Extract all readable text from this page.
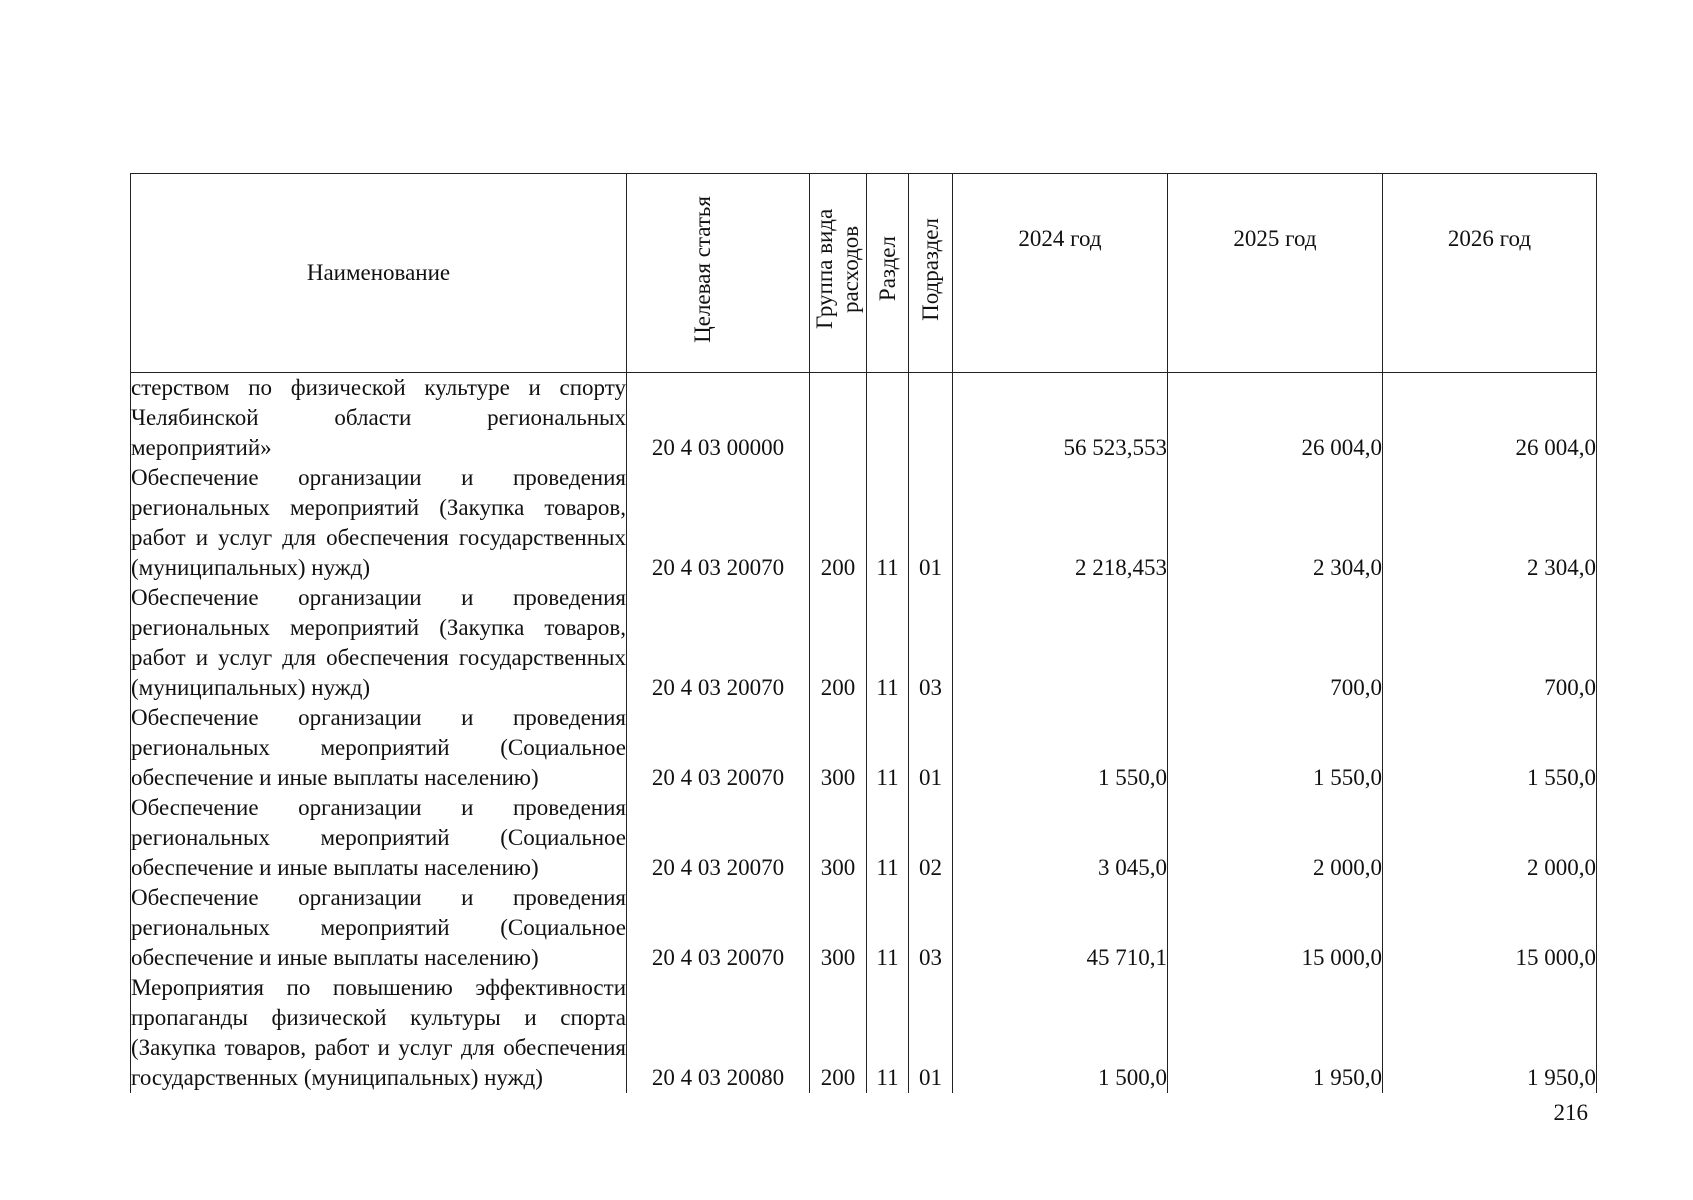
Наименование	Целевая статья	Группа вида расходов	Раздел	Подраздел	2024 год	2025 год	2026 год
стерством по физической культуре и спорту Челябинской области региональных мероприятий»	20 4 03 00000				56 523,553	26 004,0	26 004,0
Обеспечение организации и проведения региональных мероприятий (Закупка товаров, работ и услуг для обеспечения государственных (муниципальных) нужд)	20 4 03 20070	200	11	01	2 218,453	2 304,0	2 304,0
Обеспечение организации и проведения региональных мероприятий (Закупка товаров, работ и услуг для обеспечения государственных (муниципальных) нужд)	20 4 03 20070	200	11	03		700,0	700,0
Обеспечение организации и проведения региональных мероприятий (Социальное обеспечение и иные выплаты населению)	20 4 03 20070	300	11	01	1 550,0	1 550,0	1 550,0
Обеспечение организации и проведения региональных мероприятий (Социальное обеспечение и иные выплаты населению)	20 4 03 20070	300	11	02	3 045,0	2 000,0	2 000,0
Обеспечение организации и проведения региональных мероприятий (Социальное обеспечение и иные выплаты населению)	20 4 03 20070	300	11	03	45 710,1	15 000,0	15 000,0
Мероприятия по повышению эффективности пропаганды физической культуры и спорта (Закупка товаров, работ и услуг для обеспечения государственных (муниципальных) нужд)	20 4 03 20080	200	11	01	1 500,0	1 950,0	1 950,0
216
